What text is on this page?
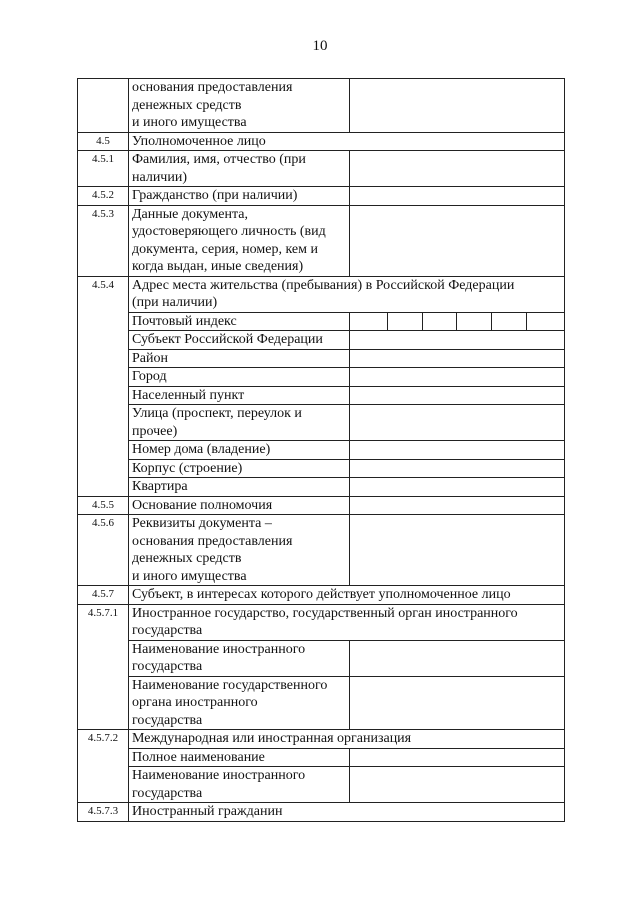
10

	основания предоставления
денежных средств
и иного имущества	

4.5	Уполномоченное лицо	
4.5.1	Фамилия, имя, отчество (при
наличии)	

4.5.2	Гражданство (при наличии)	
4.5.3	Данные документа,
удостоверяющего личность (вид
документа, серия, номер, кем и
когда выдан, иные сведения)	

4.5.4	Адрес места жительства (пребывания) в Российской Федерации
(при наличии)	

	Почтовый индекс	

	Субъект Российской Федерации	
	Район	
	Город	
	Населенный пункт	

	Улица (проспект, переулок и
прочее)	

	Номер дома (владение)	
	Корпус (строение)	
	Квартира	
4.5.5	Основание полномочия	
4.5.6	Реквизиты документа –
основания предоставления
денежных средств
и иного имущества	

4.5.7	Субъект, в интересах которого действует уполномоченное лицо	
4.5.7.1	Иностранное государство, государственный орган иностранного
государства	

	Наименование иностранного
государства	

	Наименование государственного
органа иностранного
государства	

4.5.7.2	Международная или иностранная организация	
	Полное наименование	

	Наименование иностранного
государства	

4.5.7.3	Иностранный гражданин	
